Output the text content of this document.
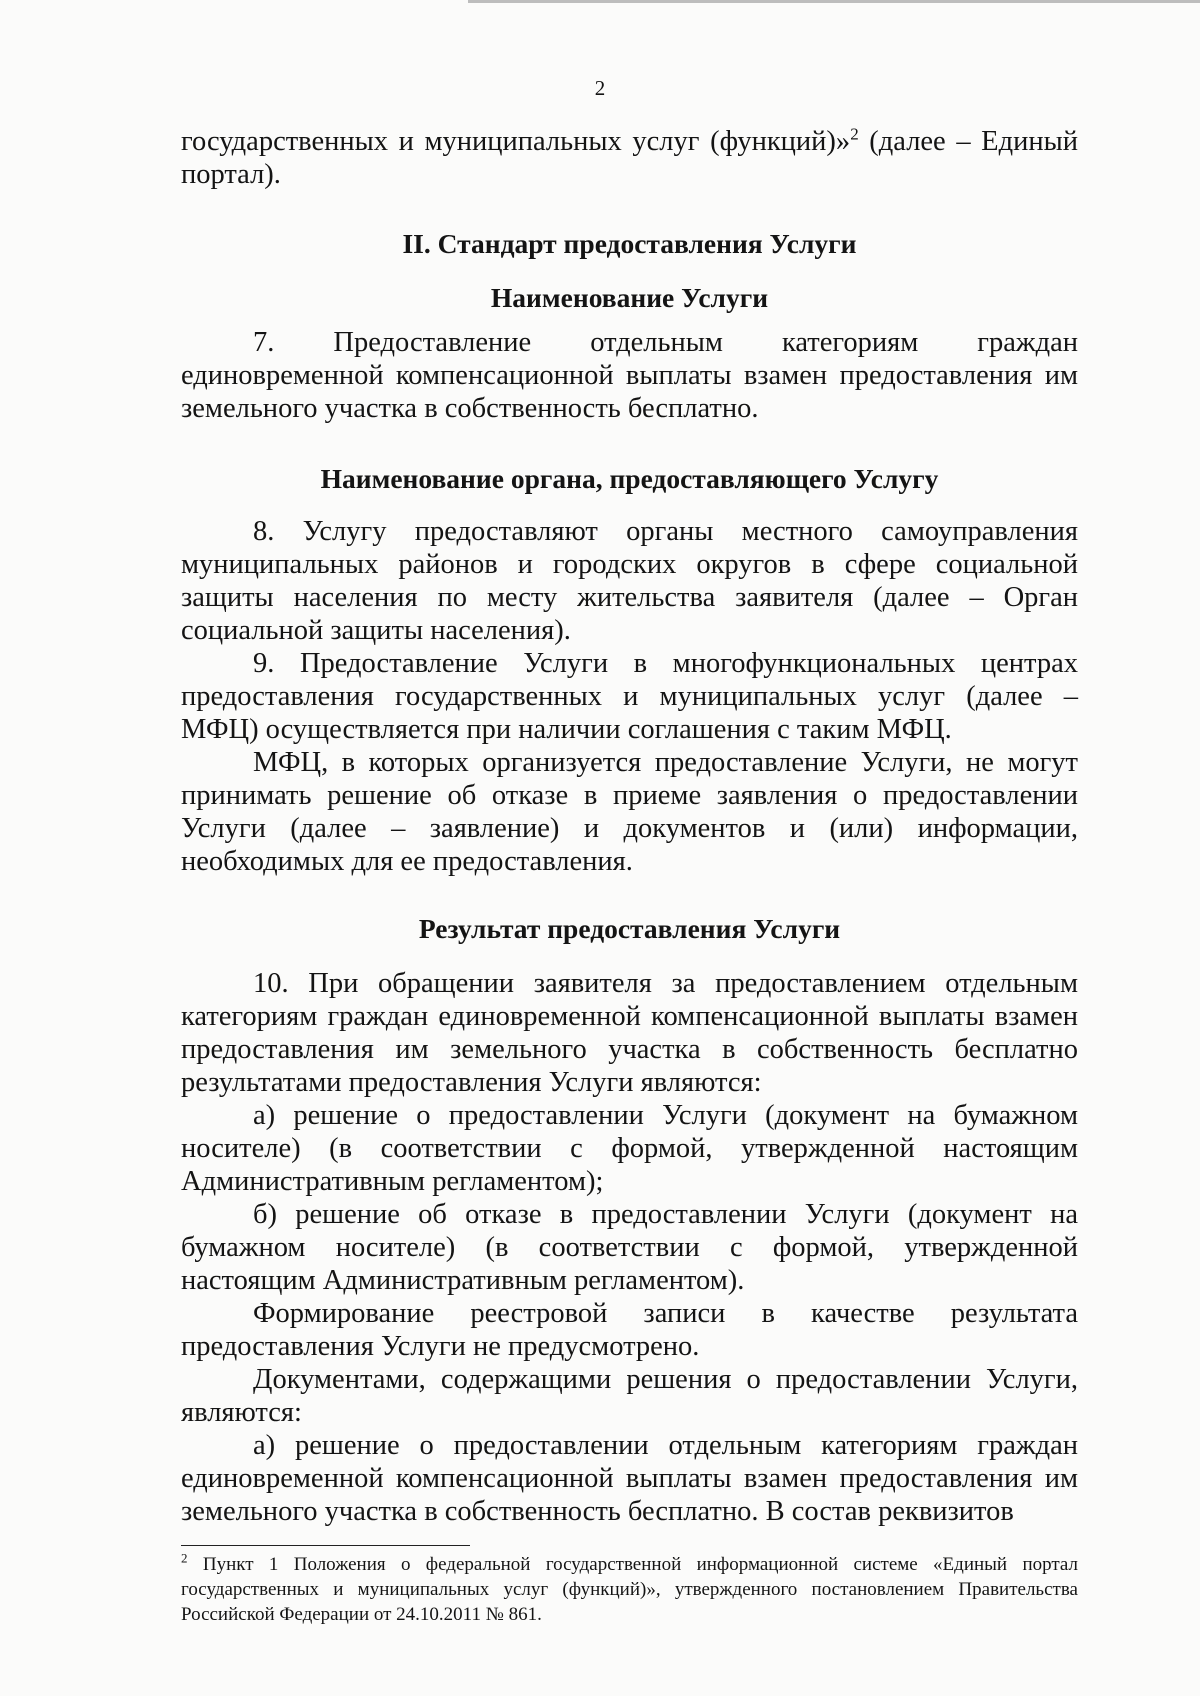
2

государственных и муниципальных услуг (функций)»$^2$ (далее – Единый портал).

II. Стандарт предоставления Услуги

Наименование Услуги

7. Предоставление отдельным категориям граждан единовременной компенсационной выплаты взамен предоставления им земельного участка в собственность бесплатно.

Наименование органа, предоставляющего Услугу

8. Услугу предоставляют органы местного самоуправления муниципальных районов и городских округов в сфере социальной защиты населения по месту жительства заявителя (далее – Орган социальной защиты населения).

9. Предоставление Услуги в многофункциональных центрах предоставления государственных и муниципальных услуг (далее – МФЦ) осуществляется при наличии соглашения с таким МФЦ.

МФЦ, в которых организуется предоставление Услуги, не могут принимать решение об отказе в приеме заявления о предоставлении Услуги (далее – заявление) и документов и (или) информации, необходимых для ее предоставления.

Результат предоставления Услуги

10. При обращении заявителя за предоставлением отдельным категориям граждан единовременной компенсационной выплаты взамен предоставления им земельного участка в собственность бесплатно результатами предоставления Услуги являются:

а) решение о предоставлении Услуги (документ на бумажном носителе) (в соответствии с формой, утвержденной настоящим Административным регламентом);

б) решение об отказе в предоставлении Услуги (документ на бумажном носителе) (в соответствии с формой, утвержденной настоящим Административным регламентом).

Формирование реестровой записи в качестве результата предоставления Услуги не предусмотрено.

Документами, содержащими решения о предоставлении Услуги, являются:

а) решение о предоставлении отдельным категориям граждан единовременной компенсационной выплаты взамен предоставления им земельного участка в собственность бесплатно. В состав реквизитов

$^2$ Пункт 1 Положения о федеральной государственной информационной системе «Единый портал государственных и муниципальных услуг (функций)», утвержденного постановлением Правительства Российской Федерации от 24.10.2011 № 861.
